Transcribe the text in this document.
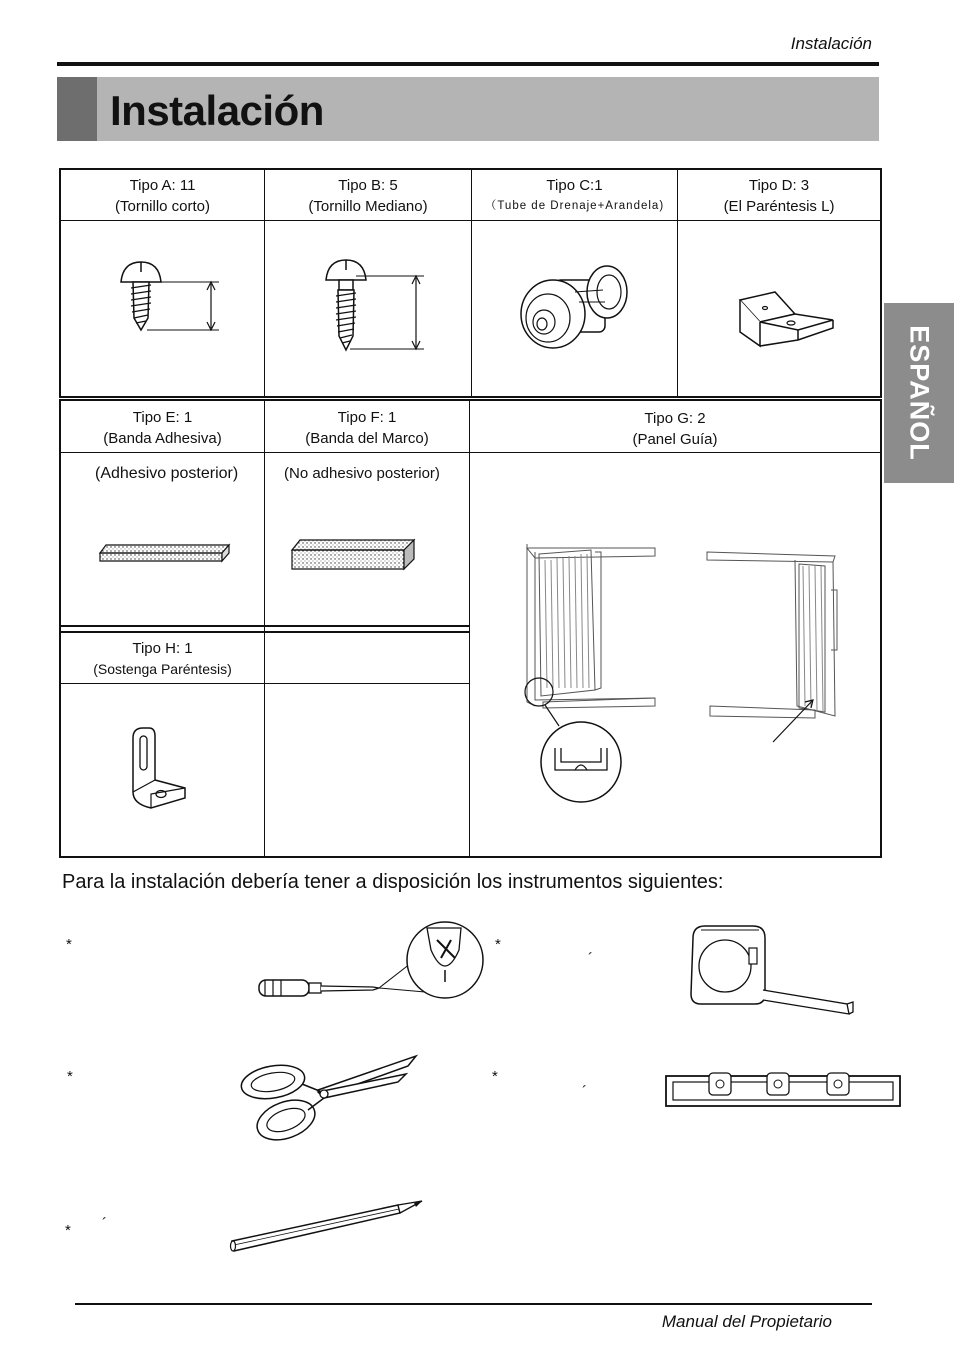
Instalación
Instalación
ESPAÑOL
Tipo A: 11
(Tornillo corto)
Tipo B: 5
(Tornillo Mediano)
Tipo C:1
（Tube de Drenaje+Arandela)
Tipo D: 3
(El Paréntesis L)
Tipo E: 1
(Banda Adhesiva)
Tipo F: 1
(Banda del Marco)
Tipo G: 2
(Panel Guía)
Tipo H: 1
(Sostenga Paréntesis)
(Adhesivo posterior)	(No adhesivo posterior)
Para la instalación debería tener a disposición los instrumentos siguientes:
*	*
´
*	*
´
* ´
Manual del Propietario
